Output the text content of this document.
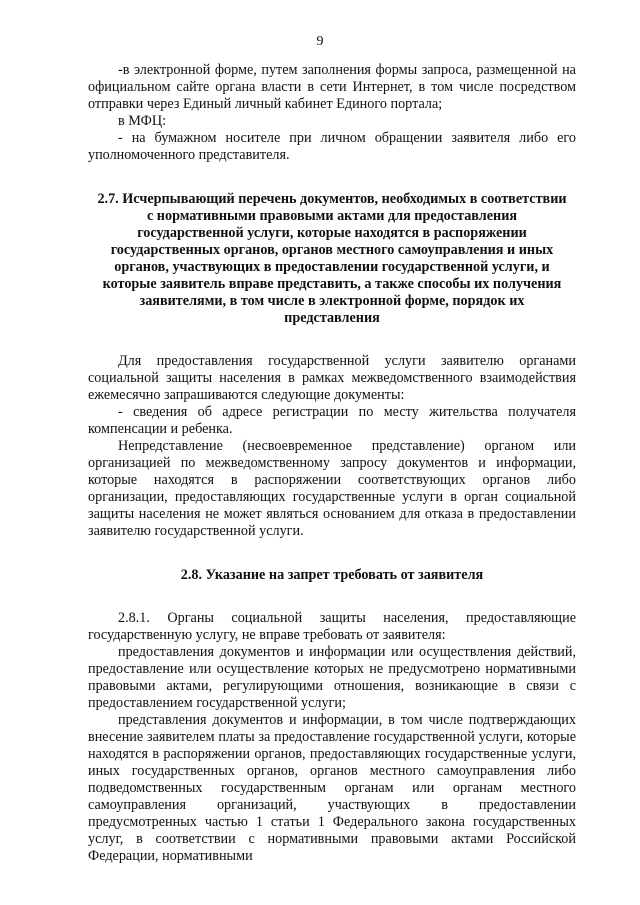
9

-в электронной форме, путем заполнения формы запроса, размещенной на официальном сайте органа власти в сети Интернет, в том числе посредством отправки через Единый личный кабинет Единого портала;

в МФЦ:

- на бумажном носителе при личном обращении заявителя либо его уполномоченного представителя.

2.7. Исчерпывающий перечень документов, необходимых в соответствии с нормативными правовыми актами для предоставления государственной услуги, которые находятся в распоряжении государственных органов, органов местного самоуправления и иных органов, участвующих в предоставлении государственной услуги, и которые заявитель вправе представить, а также способы их получения заявителями, в том числе в электронной форме, порядок их представления

Для предоставления государственной услуги заявителю органами социальной защиты населения в рамках межведомственного взаимодействия ежемесячно запрашиваются следующие документы:

- сведения об адресе регистрации по месту жительства получателя компенсации и ребенка.

Непредставление (несвоевременное представление) органом или организацией по межведомственному запросу документов и информации, которые находятся в распоряжении соответствующих органов либо организации, предоставляющих государственные услуги в орган социальной защиты населения не может являться основанием для отказа в предоставлении заявителю государственной услуги.

2.8. Указание на запрет требовать от заявителя

2.8.1. Органы социальной защиты населения, предоставляющие государственную услугу, не вправе требовать от заявителя:

предоставления документов и информации или осуществления действий, предоставление или осуществление которых не предусмотрено нормативными правовыми актами, регулирующими отношения, возникающие в связи с предоставлением государственной услуги;

представления документов и информации, в том числе подтверждающих внесение заявителем платы за предоставление государственной услуги, которые находятся в распоряжении органов, предоставляющих государственные услуги, иных государственных органов, органов местного самоуправления либо подведомственных государственным органам или органам местного самоуправления организаций, участвующих в предоставлении предусмотренных частью 1 статьи 1 Федерального закона государственных услуг, в соответствии с нормативными правовыми актами Российской Федерации, нормативными
